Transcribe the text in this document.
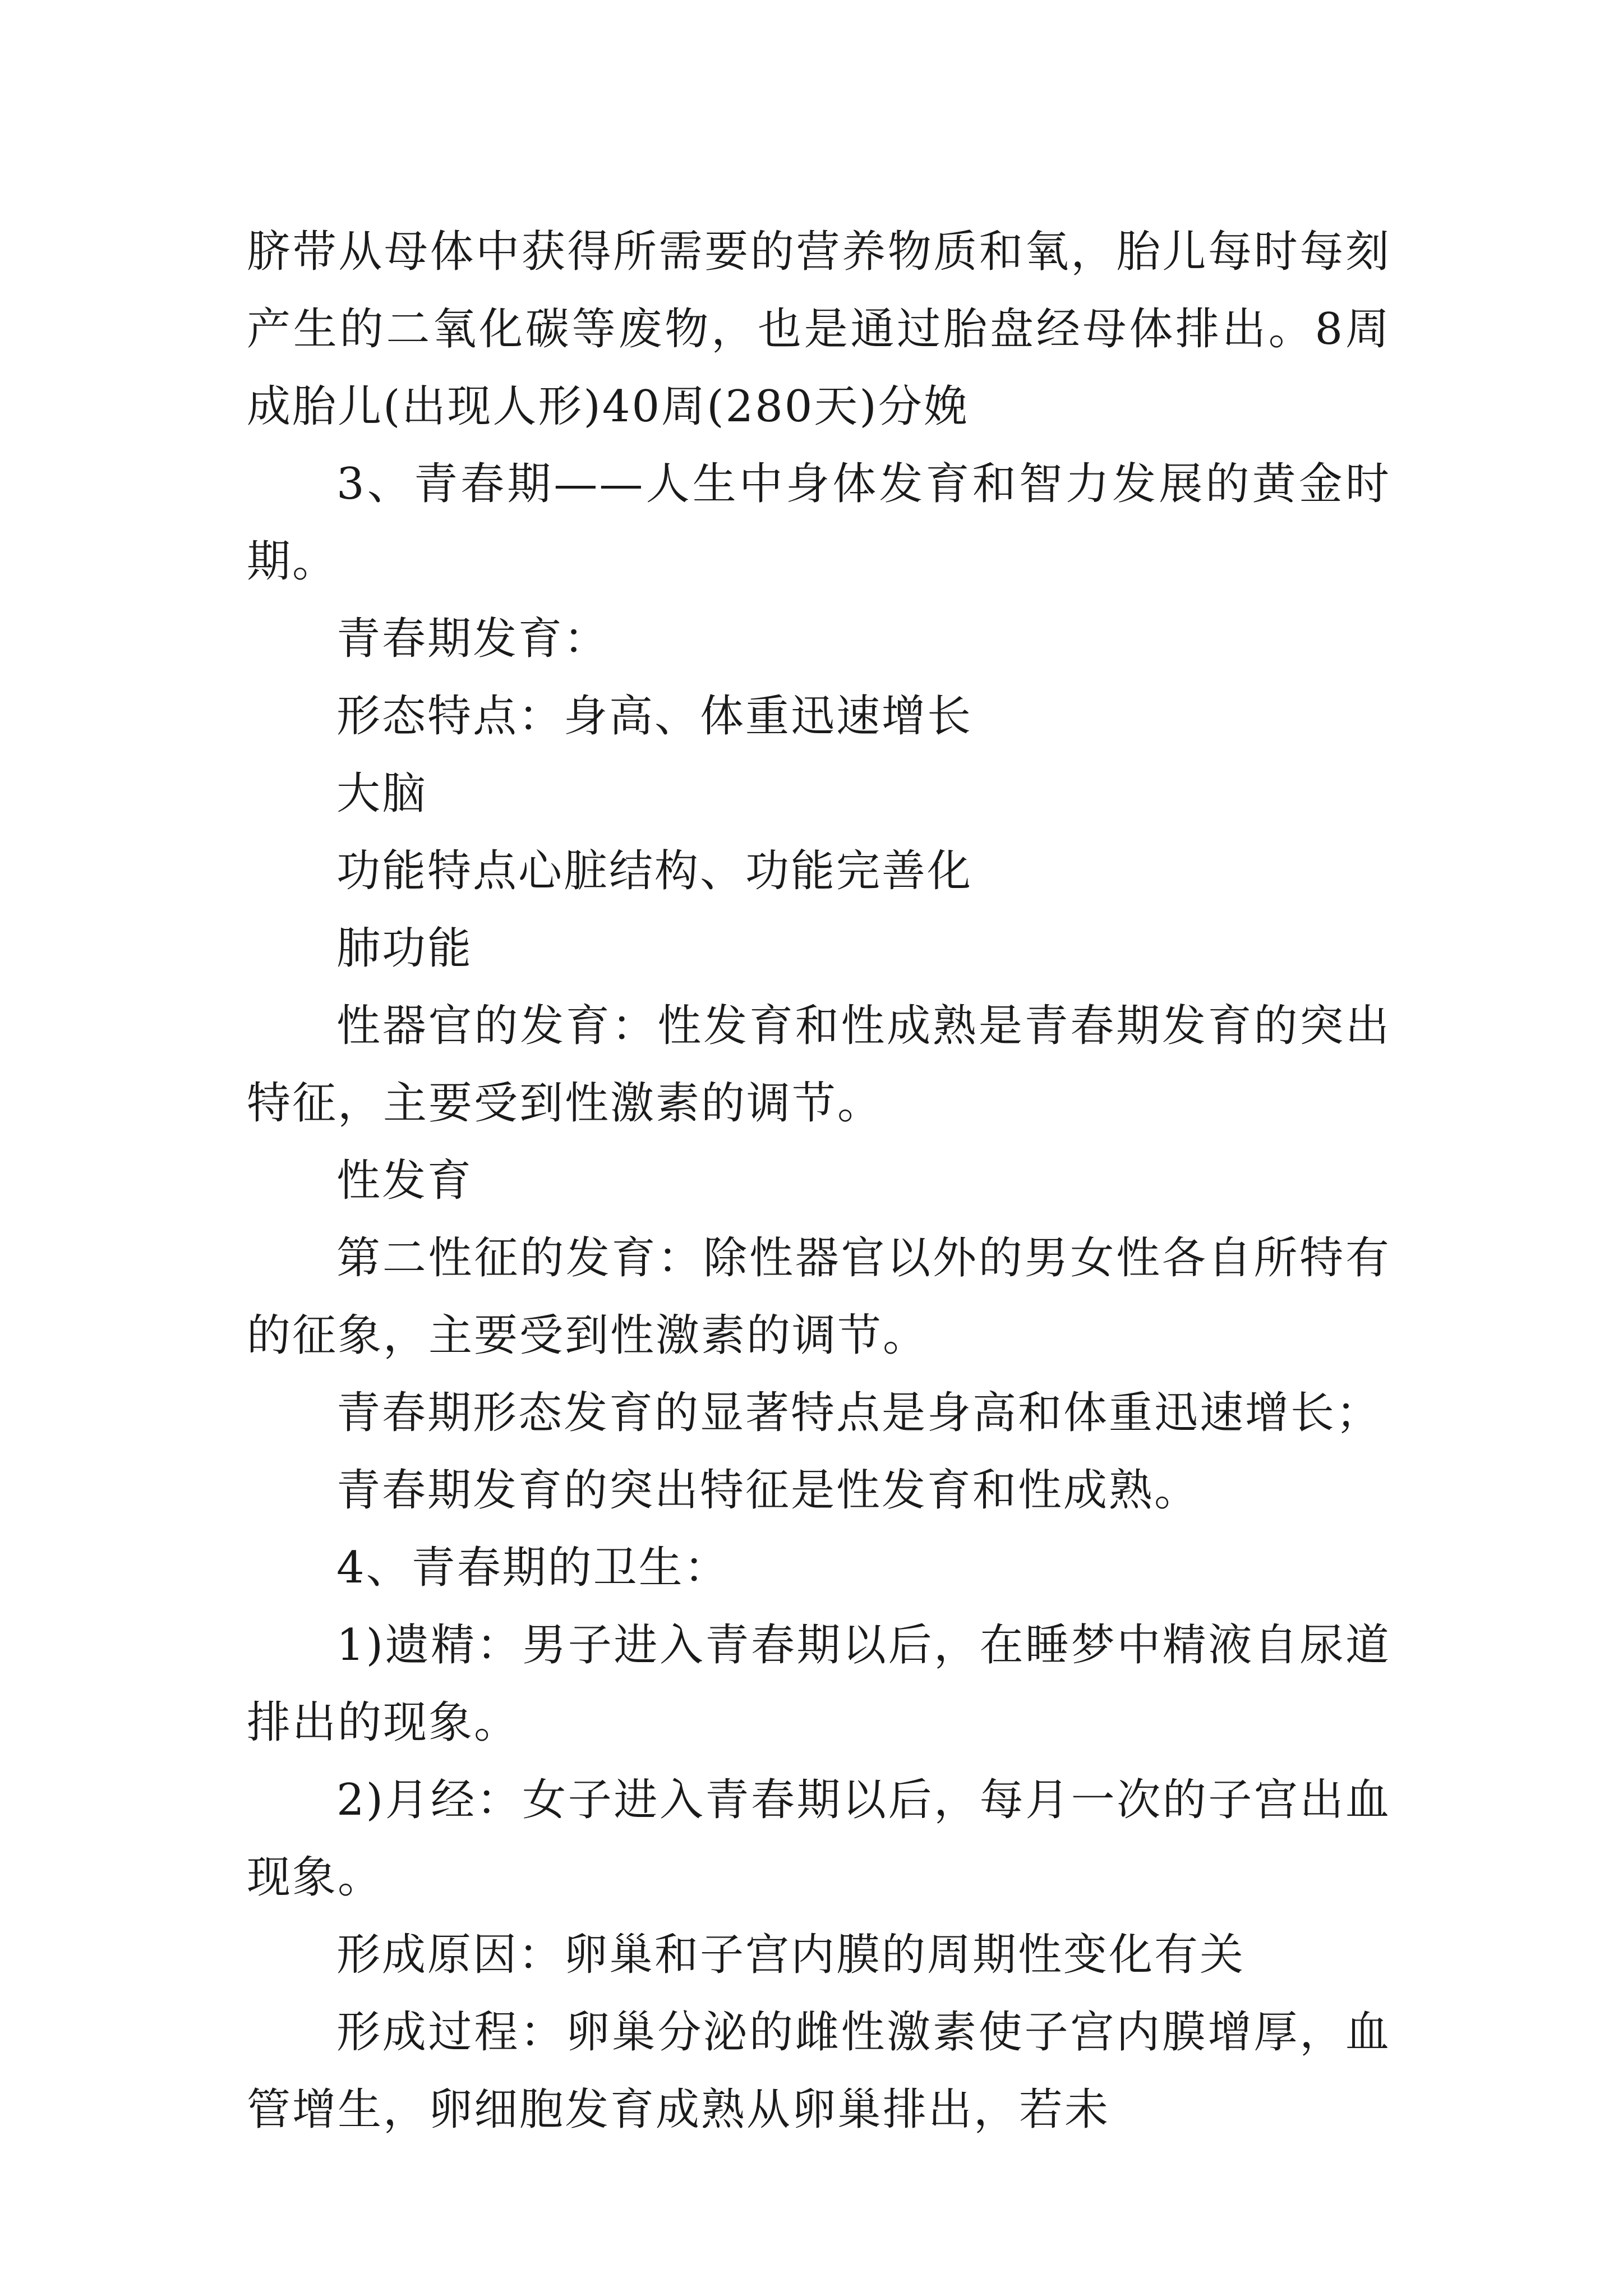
脐带从母体中获得所需要的营养物质和氧，胎儿每时每刻产生的二氧化碳等废物，也是通过胎盘经母体排出。8周成胎儿(出现人形)40周(280天)分娩

3、青春期——人生中身体发育和智力发展的黄金时期。

青春期发育：

形态特点：身高、体重迅速增长

大脑

功能特点心脏结构、功能完善化

肺功能

性器官的发育：性发育和性成熟是青春期发育的突出特征，主要受到性激素的调节。

性发育

第二性征的发育：除性器官以外的男女性各自所特有的征象，主要受到性激素的调节。

青春期形态发育的显著特点是身高和体重迅速增长；

青春期发育的突出特征是性发育和性成熟。

4、青春期的卫生：

1)遗精：男子进入青春期以后，在睡梦中精液自尿道排出的现象。

2)月经：女子进入青春期以后，每月一次的子宫出血现象。

形成原因：卵巢和子宫内膜的周期性变化有关

形成过程：卵巢分泌的雌性激素使子宫内膜增厚，血管增生，卵细胞发育成熟从卵巢排出，若未
